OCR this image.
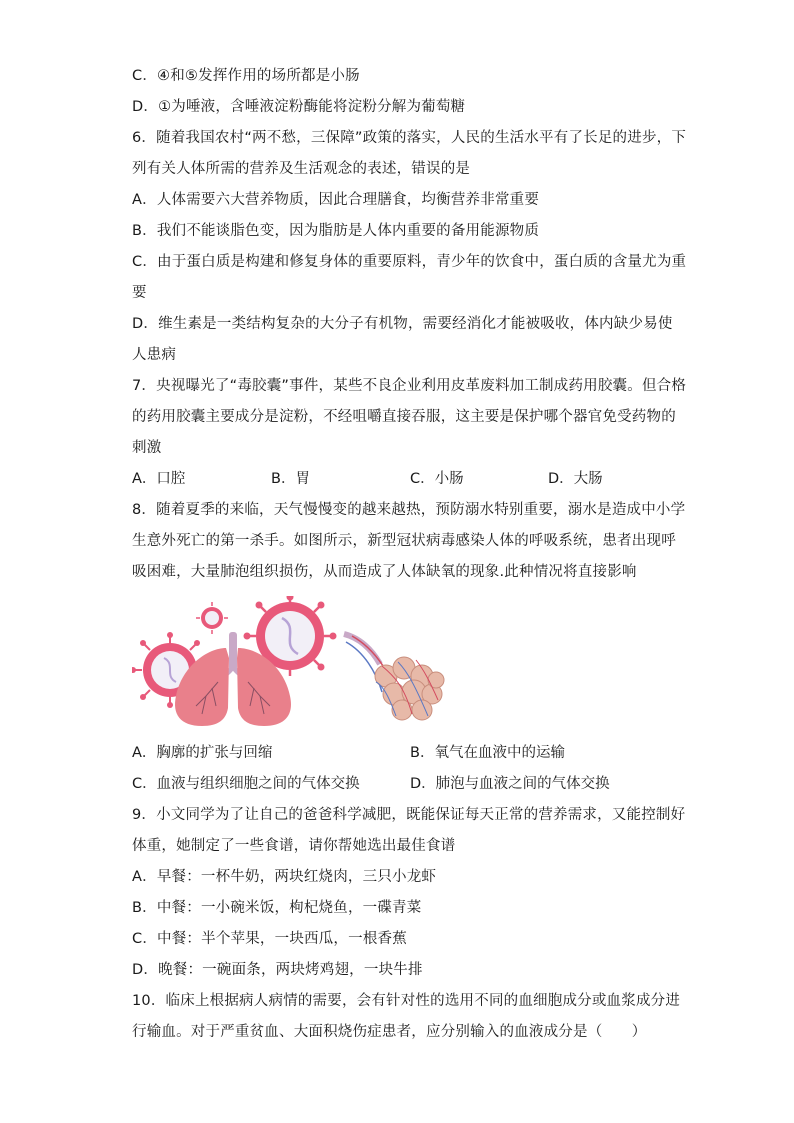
C．④和⑤发挥作用的场所都是小肠
D．①为唾液，含唾液淀粉酶能将淀粉分解为葡萄糖
6．随着我国农村“两不愁，三保障”政策的落实，人民的生活水平有了长足的进步，下
列有关人体所需的营养及生活观念的表述，错误的是
A．人体需要六大营养物质，因此合理膳食，均衡营养非常重要
B．我们不能谈脂色变，因为脂肪是人体内重要的备用能源物质
C．由于蛋白质是构建和修复身体的重要原料，青少年的饮食中，蛋白质的含量尤为重
要
D．维生素是一类结构复杂的大分子有机物，需要经消化才能被吸收，体内缺少易使
人患病
7．央视曝光了“毒胶囊”事件，某些不良企业利用皮革废料加工制成药用胶囊。但合格
的药用胶囊主要成分是淀粉，不经咀嚼直接吞服，这主要是保护哪个器官免受药物的
刺激
A．口腔	B．胃	C．小肠	D．大肠
8．随着夏季的来临，天气慢慢变的越来越热，预防溺水特别重要，溺水是造成中小学
生意外死亡的第一杀手。如图所示，新型冠状病毒感染人体的呼吸系统，患者出现呼
吸困难，大量肺泡组织损伤，从而造成了人体缺氧的现象.此种情况将直接影响
A．胸廓的扩张与回缩	B．氧气在血液中的运输
C．血液与组织细胞之间的气体交换	D．肺泡与血液之间的气体交换
9．小文同学为了让自己的爸爸科学减肥，既能保证每天正常的营养需求，又能控制好
体重，她制定了一些食谱，请你帮她选出最佳食谱
A．早餐：一杯牛奶，两块红烧肉，三只小龙虾
B．中餐：一小碗米饭，枸杞烧鱼，一碟青菜
C．中餐：半个苹果，一块西瓜，一根香蕉
D．晚餐：一碗面条，两块烤鸡翅，一块牛排
10．临床上根据病人病情的需要，会有针对性的选用不同的血细胞成分或血浆成分进
行输血。对于严重贫血、大面积烧伤症患者，应分别输入的血液成分是（　　）
